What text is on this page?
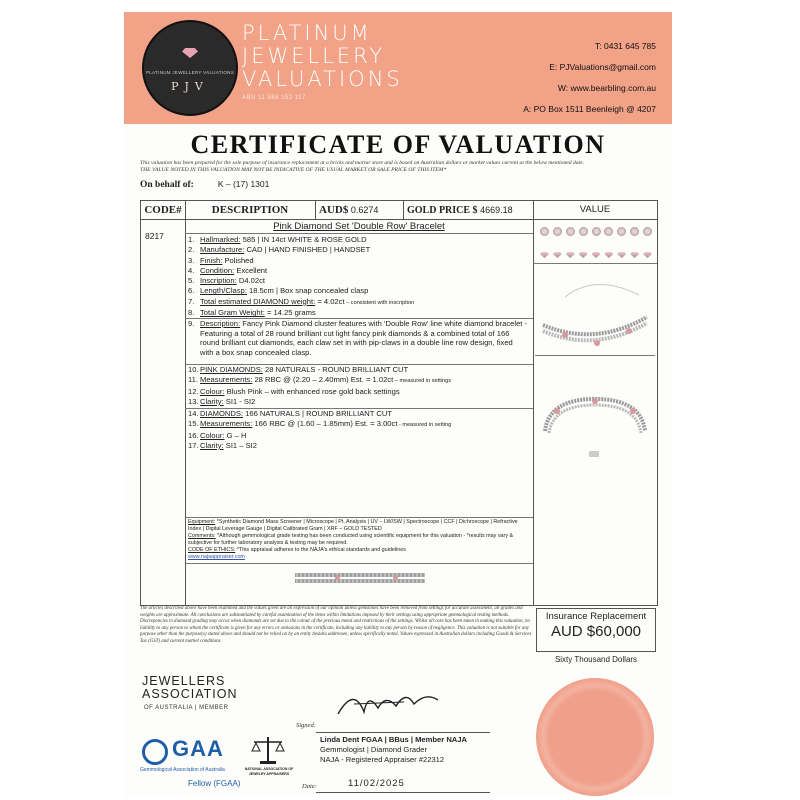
PLATINUM JEWELLERY VALUATIONS
PJV
PLATINUM
JEWELLERY
VALUATIONS
ABN 11 588 152 117
T: 0431 645 785
E: PJValuations@gmail.com
W: www.bearbling.com.au
A: PO Box 1511 Beenleigh @ 4207
CERTIFICATE OF VALUATION
This valuation has been prepared for the sole purpose of insurance replacement at a bricks and mortar store and is based on Australian dollars or market values current at the below mentioned date.
THE VALUE NOTED IN THIS VALUATION MAY NOT BE INDICATIVE OF THE USUAL MARKET OR SALE PRICE OF THIS ITEM*
On behalf of:	K – (17) 1301
CODE#	DESCRIPTION	AUD$ 0.6274	GOLD PRICE $ 4669.18	VALUE
8217
Pink Diamond Set 'Double Row' Bracelet
1. Hallmarked: 585 | IN 14ct WHITE & ROSE GOLD
2. Manufacture: CAD | HAND FINISHED | HANDSET
3. Finish: Polished
4. Condition: Excellent
5. Inscription: D4.02ct
6. Length/Clasp: 18.5cm | Box snap concealed clasp
7. Total estimated DIAMOND weight: = 4.02ct – consistent with inscription
8. Total Gram Weight: = 14.25 grams
9. Description: Fancy Pink Diamond cluster features with 'Double Row' line white diamond bracelet - Featuring a total of 28 round brilliant cut light fancy pink diamonds & a combined total of 166 round brilliant cut diamonds, each claw set in with pip-claws in a double line row design, fixed with a box snap concealed clasp.
10. PINK DIAMONDS: 28 NATURALS - ROUND BRILLIANT CUT
11. Measurements: 28 RBC @ (2.20 – 2.40mm) Est. = 1.02ct – measured in settings
12. Colour: Blush Pink – with enhanced rose gold back settings
13. Clarity: SI1 - SI2
14. DIAMONDS: 166 NATURALS | ROUND BRILLIANT CUT
15. Measurements: 166 RBC @ (1.60 – 1.85mm) Est. = 3.00ct - measured in setting
16. Colour: G – H
17. Clarity: SI1 – SI2
Equipment: *Synthetic Diamond Mass Screener | Microscope | Pt. Analysis | UV – LW/SW | Spectroscope | CCF | Dichroscope | Refractive Index | Digital Leverage Gauge | Digital Calibrated Gram | XRF – GOLD TESTED
Comments: *Although gemmological grade testing has been conducted using scientific equipment for this valuation - *results may vary & subjective for further laboratory analysis & testing may be required.
CODE OF ETHICS: *This appraisal adheres to the NAJA's ethical standards and guidelines
www.najaappraiser.com
The articles described above have been examined and the values given are an expression of our opinion unless gemstones have been removed from settings for accurate assessment, all grades and weights are approximate. All conclusions are substantiated by careful examination of the items within limitations imposed by their settings using appropriate gemmological testing methods. Discrepancies in diamond grading may occur when diamonds are set due to the colour of the precious metal and restrictions of the settings. Whilst all care has been taken in making this valuation, no liability to any person to whom the certificate is given for any errors or omissions in the certificate, including any liability to any person by reason of negligence. This valuation is not suitable for any purpose other than the purpose(s) stated above and should not be relied on by an entity besides addressee, unless specifically noted. Values expressed in Australian dollars including Goods & Services Tax (GST) and current market conditions.
Insurance Replacement
AUD $60,000
Sixty Thousand Dollars
JEWELLERS
ASSOCIATION
OF AUSTRALIA | MEMBER
Signed:
Linda Dent FGAA | BBus | Member NAJA
Gemmologist | Diamond Grader
NAJA - Registered Appraiser #22312
GAA
Gemmological Association of Australia
Fellow (FGAA)
NATIONAL ASSOCIATION OF JEWELRY APPRAISERS
Date:	11/02/2025
